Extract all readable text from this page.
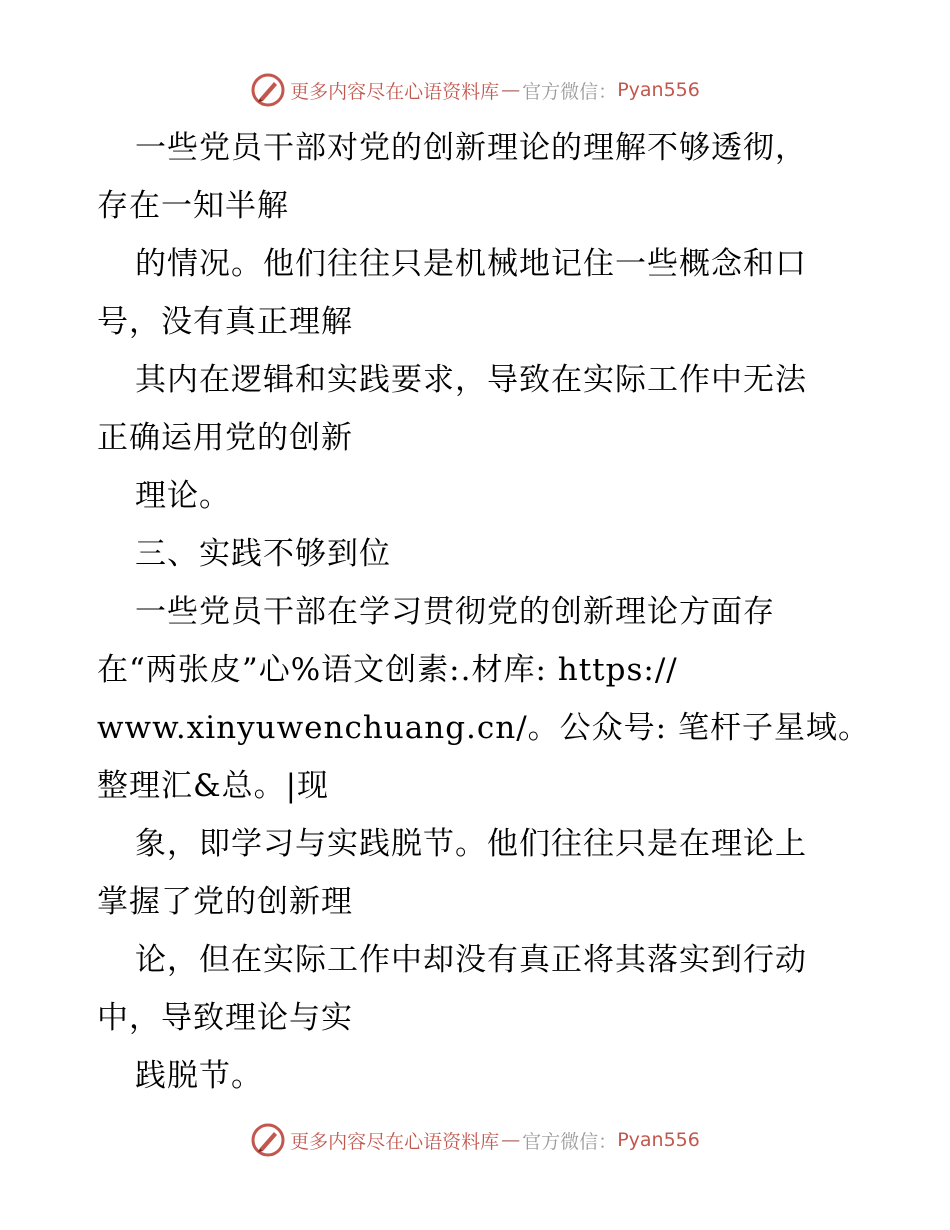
更多内容尽在心语资料库 — 官方微信： Pyan556
一些党员干部对党的创新理论的理解不够透彻，
存在一知半解
的情况。他们往往只是机械地记住一些概念和口
号，没有真正理解
其内在逻辑和实践要求，导致在实际工作中无法
正确运用党的创新
理论。
三、实践不够到位
一些党员干部在学习贯彻党的创新理论方面存
在“两张皮”心%语文创素:.材库: https://
www.xinyuwenchuang.cn/。公众号: 笔杆子星域。
整理汇&总。|现
象，即学习与实践脱节。他们往往只是在理论上
掌握了党的创新理
论，但在实际工作中却没有真正将其落实到行动
中，导致理论与实
践脱节。
更多内容尽在心语资料库 — 官方微信： Pyan556
